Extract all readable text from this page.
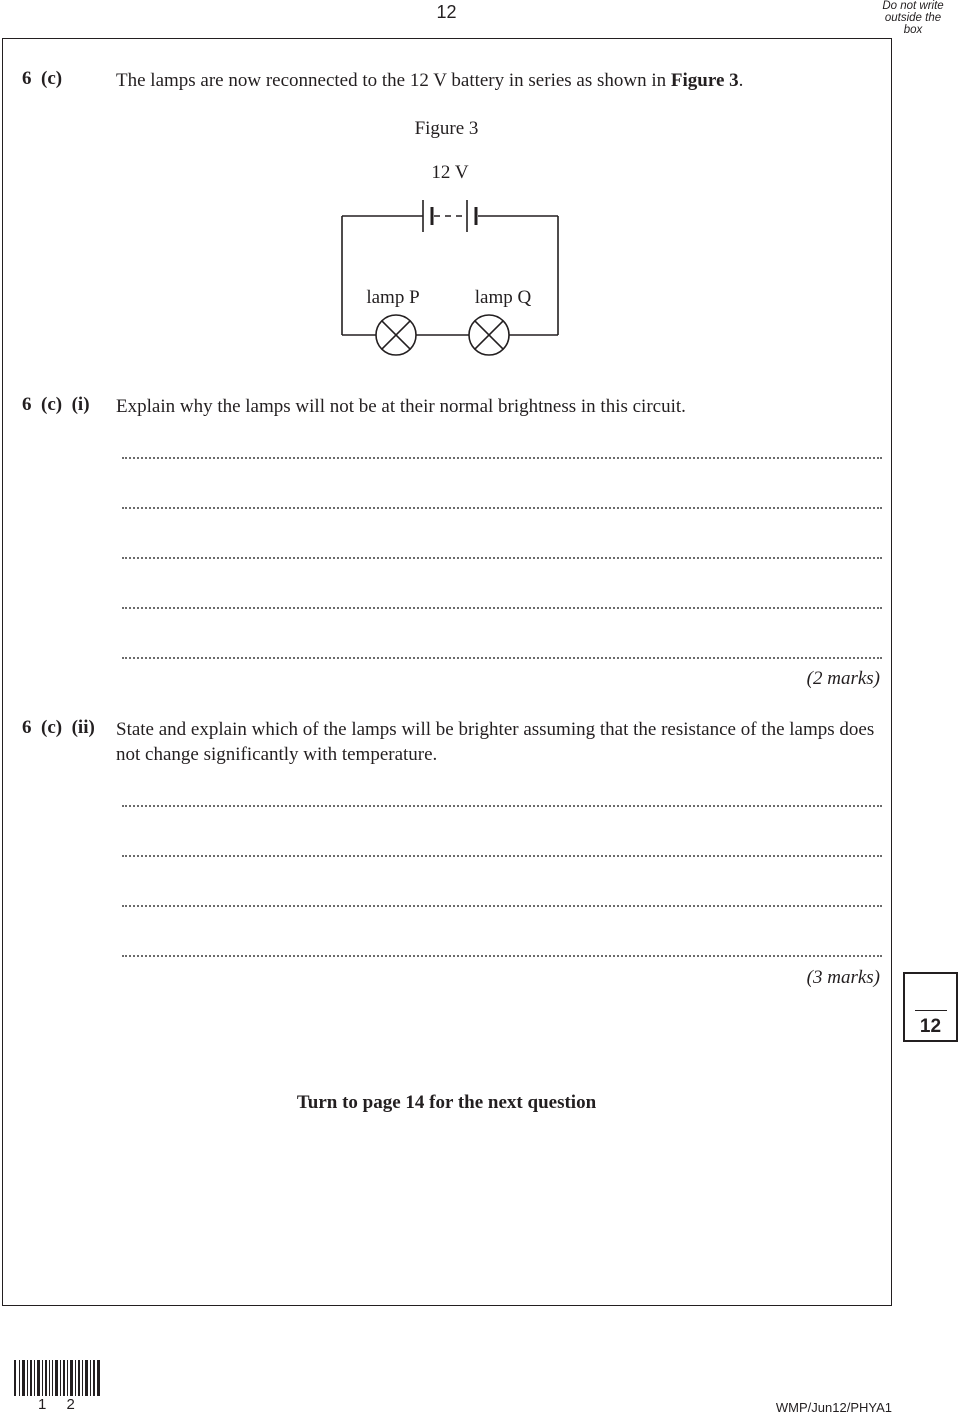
12	Do not write
outside the
box
6  (c)	The lamps are now reconnected to the 12 V battery in series as shown in Figure 3.
Figure 3
12 V
lamp P	lamp Q
6  (c)  (i) Explain why the lamps will not be at their normal brightness in this circuit.
(2 marks)
6  (c)  (ii) State and explain which of the lamps will be brighter assuming that the resistance of the lamps does not change significantly with temperature.
(3 marks)
12
Turn to page 14 for the next question
1 2	WMP/Jun12/PHYA1
